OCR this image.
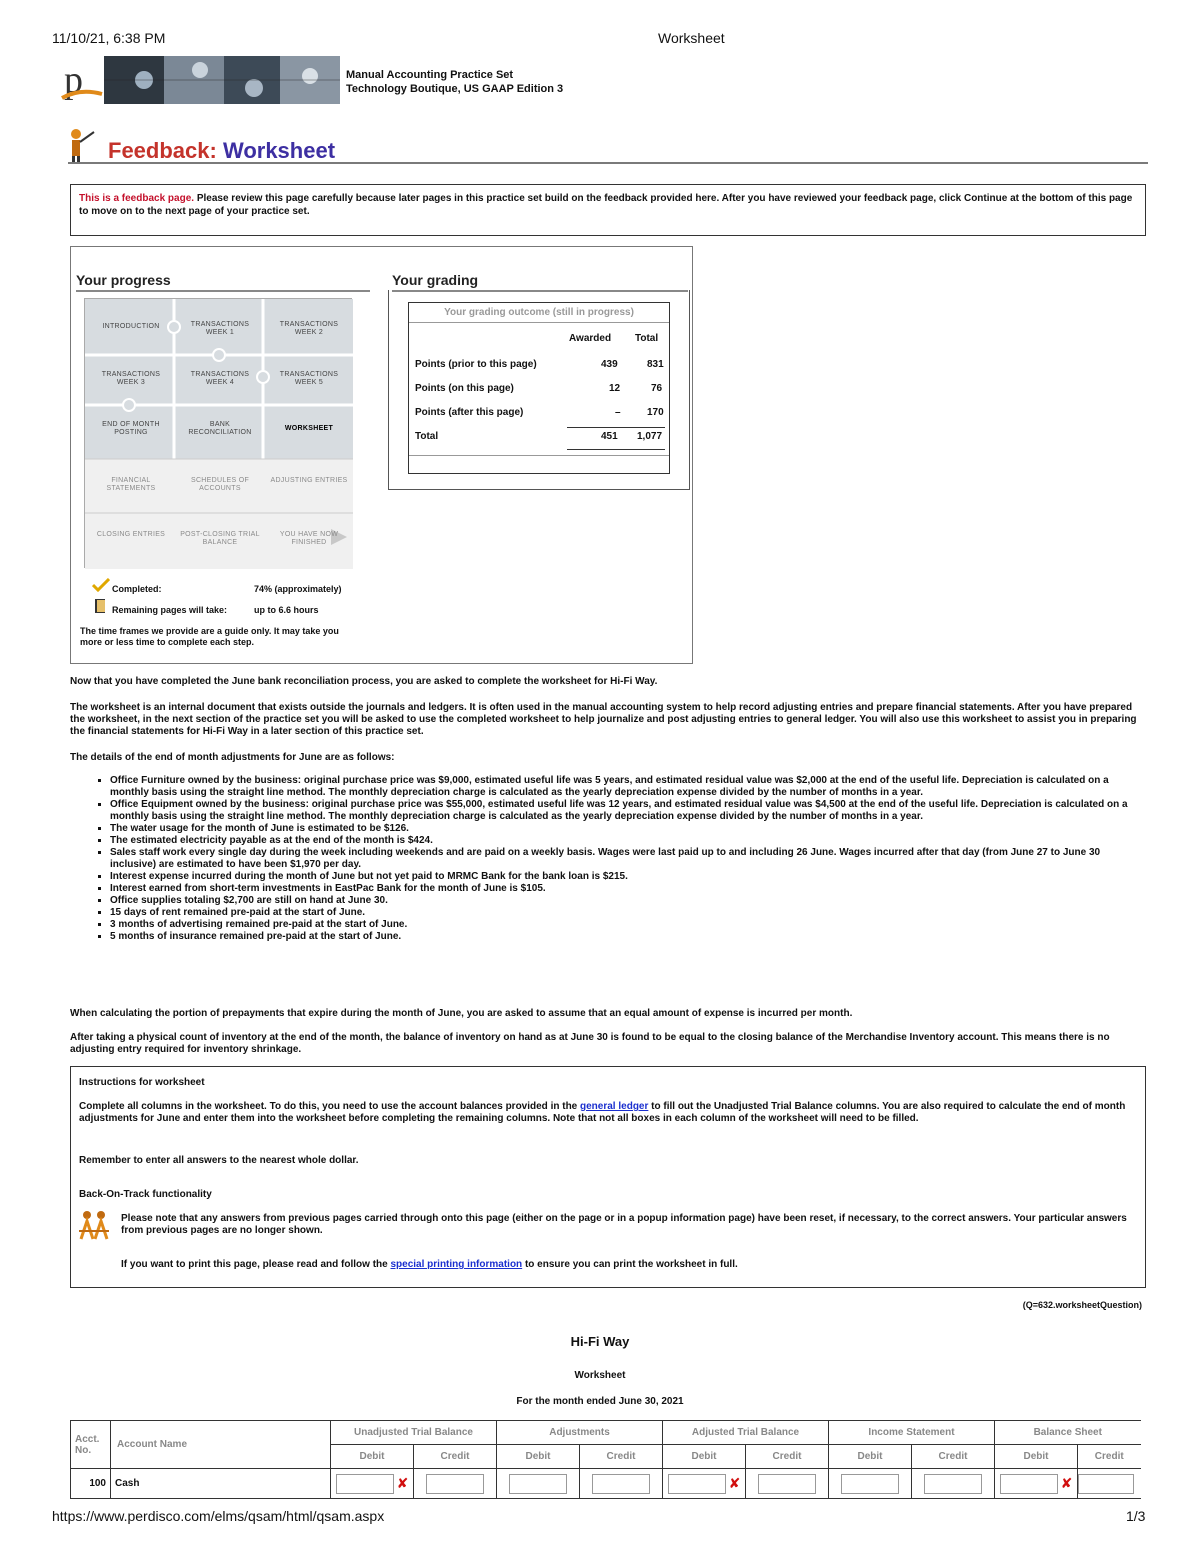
11/10/21, 6:38 PM	Worksheet
https://www.perdisco.com/elms/qsam/html/qsam.aspx	1/3
p	Manual Accounting Practice Set
Technology Boutique, US GAAP Edition 3
Feedback: Worksheet
This is a feedback page. Please review this page carefully because later pages in this practice set build on the feedback provided here. After you have reviewed your feedback page, click Continue at the bottom of this page to move on to the next page of your practice set.
Your progress
INTRODUCTION	TRANSACTIONS WEEK 1
TRANSACTIONS WEEK 2
TRANSACTIONS WEEK 3
TRANSACTIONS WEEK 4
TRANSACTIONS WEEK 5
END OF MONTH POSTING
BANK RECONCILIATION
WORKSHEET
FINANCIAL STATEMENTS
SCHEDULES OF ACCOUNTS
ADJUSTING ENTRIES
CLOSING ENTRIES	POST-CLOSING TRIAL BALANCE
YOU HAVE NOW FINISHED
Completed:	74% (approximately)
Remaining pages will take:	up to 6.6 hours
The time frames we provide are a guide only. It may take you more or less time to complete each step.
Your grading
Your grading outcome (still in progress)
Awarded Total
Points (prior to this page)	439	831
Points (on this page)	12	76
Points (after this page)	–	170
Total	451 1,077
Now that you have completed the June bank reconciliation process, you are asked to complete the worksheet for Hi-Fi Way.
The worksheet is an internal document that exists outside the journals and ledgers. It is often used in the manual accounting system to help record adjusting entries and prepare financial statements. After you have prepared the worksheet, in the next section of the practice set you will be asked to use the completed worksheet to help journalize and post adjusting entries to general ledger. You will also use this worksheet to assist you in preparing the financial statements for Hi-Fi Way in a later section of this practice set.
The details of the end of month adjustments for June are as follows:
▪ Office Furniture owned by the business: original purchase price was $9,000, estimated useful life was 5 years, and estimated residual value was $2,000 at the end of the useful life. Depreciation is calculated on a monthly basis using the straight line method. The monthly depreciation charge is calculated as the yearly depreciation expense divided by the number of months in a year.
▪ Office Equipment owned by the business: original purchase price was $55,000, estimated useful life was 12 years, and estimated residual value was $4,500 at the end of the useful life. Depreciation is calculated on a monthly basis using the straight line method. The monthly depreciation charge is calculated as the yearly depreciation expense divided by the number of months in a year.
▪ The water usage for the month of June is estimated to be $126.
▪ The estimated electricity payable as at the end of the month is $424.
▪ Sales staff work every single day during the week including weekends and are paid on a weekly basis. Wages were last paid up to and including 26 June. Wages incurred after that day (from June 27 to June 30 inclusive) are estimated to have been $1,970 per day.
▪ Interest expense incurred during the month of June but not yet paid to MRMC Bank for the bank loan is $215.
▪ Interest earned from short-term investments in EastPac Bank for the month of June is $105.
▪ Office supplies totaling $2,700 are still on hand at June 30.
▪ 15 days of rent remained pre-paid at the start of June.
▪ 3 months of advertising remained pre-paid at the start of June.
▪ 5 months of insurance remained pre-paid at the start of June.
When calculating the portion of prepayments that expire during the month of June, you are asked to assume that an equal amount of expense is incurred per month.
After taking a physical count of inventory at the end of the month, the balance of inventory on hand as at June 30 is found to be equal to the closing balance of the Merchandise Inventory account. This means there is no adjusting entry required for inventory shrinkage.
Instructions for worksheet
Complete all columns in the worksheet. To do this, you need to use the account balances provided in the general ledger to fill out the Unadjusted Trial Balance columns. You are also required to calculate the end of month adjustments for June and enter them into the worksheet before completing the remaining columns. Note that not all boxes in each column of the worksheet will need to be filled.
Remember to enter all answers to the nearest whole dollar.
Back-On-Track functionality
Please note that any answers from previous pages carried through onto this page (either on the page or in a popup information page) have been reset, if necessary, to the correct answers. Your particular answers from previous pages are no longer shown.
If you want to print this page, please read and follow the special printing information to ensure you can print the worksheet in full.
(Q=632.worksheetQuestion)
Hi-Fi Way
Worksheet
For the month ended June 30, 2021
Acct. No.	Account Name	Unadjusted Trial Balance		Adjustments		Adjusted Trial Balance		Income Statement		Balance Sheet	
		Debit	Credit	Debit	Credit	Debit	Credit	Debit	Credit	Debit	Credit
100	Cash	✘				✘				✘	
